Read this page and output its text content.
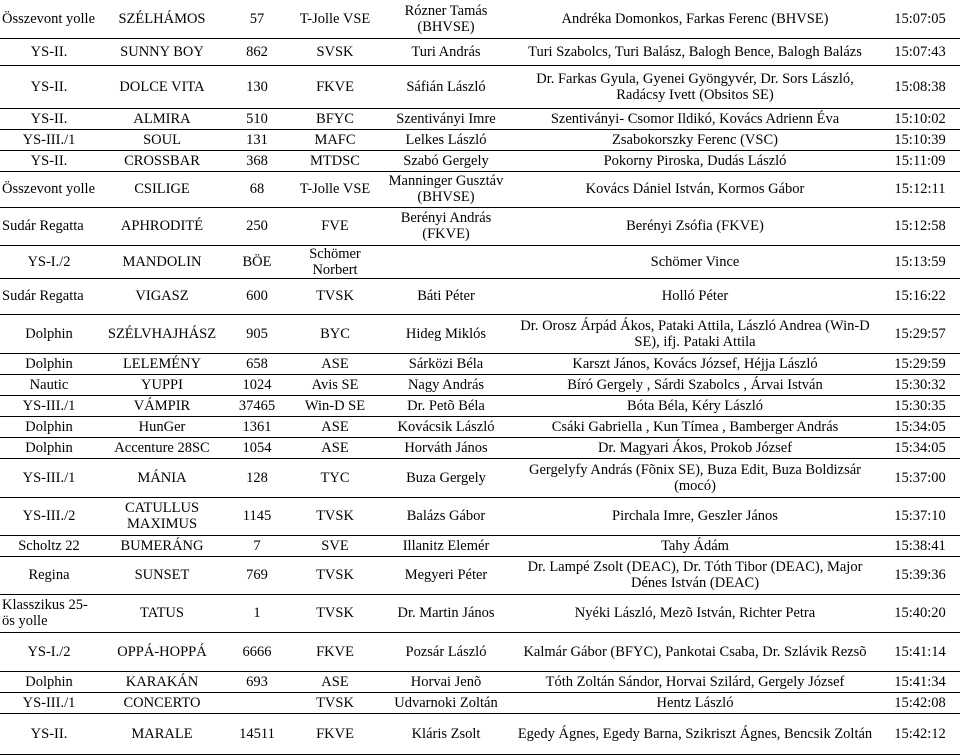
Összevont yolle	SZÉLHÁMOS	57	T-Jolle VSE	Rózner Tamás (BHVSE)	Andréka Domonkos, Farkas Ferenc (BHVSE)	15:07:05
YS-II.	SUNNY BOY	862	SVSK	Turi András	Turi Szabolcs, Turi Balász, Balogh Bence, Balogh Balázs	15:07:43
YS-II.	DOLCE VITA	130	FKVE	Sáfián László	Dr. Farkas Gyula, Gyenei Gyöngyvér, Dr. Sors László, Radácsy Ivett (Obsitos SE)	15:08:38
YS-II.	ALMIRA	510	BFYC	Szentiványi Imre	Szentiványi- Csomor Ildikó, Kovács Adrienn Éva	15:10:02
YS-III./1	SOUL	131	MAFC	Lelkes László	Zsabokorszky Ferenc (VSC)	15:10:39
YS-II.	CROSSBAR	368	MTDSC	Szabó Gergely	Pokorny Piroska, Dudás László	15:11:09
Összevont yolle	CSILIGE	68	T-Jolle VSE	Manninger Gusztáv (BHVSE)	Kovács Dániel István, Kormos Gábor	15:12:11
Sudár Regatta	APHRODITÉ	250	FVE	Berényi András (FKVE)	Berényi Zsófia (FKVE)	15:12:58
YS-I./2	MANDOLIN	BÖE	Schömer Norbert		Schömer Vince	15:13:59
Sudár Regatta	VIGASZ	600	TVSK	Báti Péter	Holló Péter	15:16:22
Dolphin	SZÉLVHAJHÁSZ	905	BYC	Hideg Miklós	Dr. Orosz Árpád Ákos, Pataki Attila, László Andrea (Win-D SE), ifj. Pataki Attila	15:29:57
Dolphin	LELEMÉNY	658	ASE	Sárközi Béla	Karszt János, Kovács József, Héjja László	15:29:59
Nautic	YUPPI	1024	Avis SE	Nagy András	Bíró Gergely , Sárdi Szabolcs , Árvai István	15:30:32
YS-III./1	VÁMPIR	37465	Win-D SE	Dr. Petõ Béla	Bóta Béla, Kéry László	15:30:35
Dolphin	HunGer	1361	ASE	Kovácsik László	Csáki Gabriella , Kun Tímea , Bamberger András	15:34:05
Dolphin	Accenture 28SC	1054	ASE	Horváth János	Dr. Magyari Ákos, Prokob József	15:34:05
YS-III./1	MÁNIA	128	TYC	Buza Gergely	Gergelyfy András (Fõnix SE), Buza Edit, Buza Boldizsár (mocó)	15:37:00
YS-III./2	CATULLUS MAXIMUS	1145	TVSK	Balázs Gábor	Pirchala Imre, Geszler János	15:37:10
Scholtz 22	BUMERÁNG	7	SVE	Illanitz Elemér	Tahy Ádám	15:38:41
Regina	SUNSET	769	TVSK	Megyeri Péter	Dr. Lampé Zsolt (DEAC), Dr. Tóth Tibor (DEAC), Major Dénes István (DEAC)	15:39:36
Klasszikus 25-ös yolle	TATUS	1	TVSK	Dr. Martin János	Nyéki László, Mezõ István, Richter Petra	15:40:20
YS-I./2	OPPÁ-HOPPÁ	6666	FKVE	Pozsár László	Kalmár Gábor (BFYC), Pankotai Csaba, Dr. Szlávik Rezsõ	15:41:14
Dolphin	KARAKÁN	693	ASE	Horvai Jenõ	Tóth Zoltán Sándor, Horvai Szilárd, Gergely József	15:41:34
YS-III./1	CONCERTO		TVSK	Udvarnoki Zoltán	Hentz László	15:42:08
YS-II.	MARALE	14511	FKVE	Kláris Zsolt	Egedy Ágnes, Egedy Barna, Szikriszt Ágnes, Bencsik Zoltán	15:42:12
